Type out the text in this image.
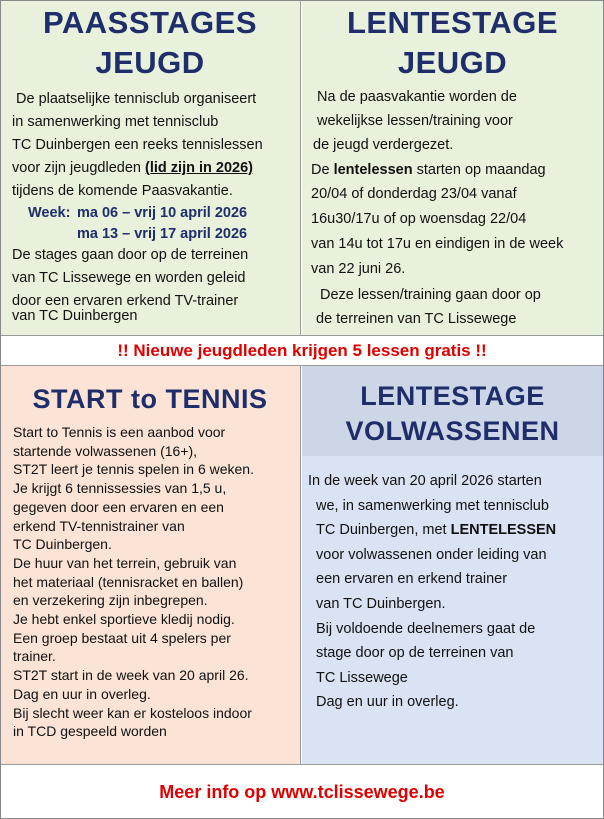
PAASSTAGES
JEUGD
De plaatselijke tennisclub organiseert
in samenwerking met tennisclub
TC Duinbergen een reeks tennislessen
voor zijn jeugdleden (lid zijn in 2026)
tijdens de komende Paasvakantie.
Week: ma 06 – vrij 10 april 2026
ma 13 – vrij 17 april 2026
De stages gaan door op de terreinen
van TC Lissewege en worden geleid
door een ervaren erkend TV-trainer
van TC Duinbergen
LENTESTAGE
JEUGD
Na de paasvakantie worden de
wekelijkse lessen/training voor
de jeugd verdergezet.
De lentelessen starten op maandag
20/04 of donderdag 23/04 vanaf
16u30/17u of op woensdag 22/04
van 14u tot 17u en eindigen in de week
van 22 juni 26.
Deze lessen/training gaan door op
de terreinen van TC Lissewege
!! Nieuwe jeugdleden krijgen 5 lessen gratis !!
START to TENNIS
Start to Tennis is een aanbod voor
startende volwassenen (16+),
ST2T leert je tennis spelen in 6 weken.
Je krijgt 6 tennissessies van 1,5 u,
gegeven door een ervaren en een
erkend TV-tennistrainer van
TC Duinbergen.
De huur van het terrein, gebruik van
het materiaal (tennisracket en ballen)
en verzekering zijn inbegrepen.
Je hebt enkel sportieve kledij nodig.
Een groep bestaat uit 4 spelers per
trainer.
ST2T start in de week van 20 april 26.
Dag en uur in overleg.
Bij slecht weer kan er kosteloos indoor
in TCD gespeeld worden
LENTESTAGE
VOLWASSENEN
In de week van 20 april 2026 starten
we, in samenwerking met tennisclub
TC Duinbergen, met LENTELESSEN
voor volwassenen onder leiding van
een ervaren en erkend trainer
van TC Duinbergen.
Bij voldoende deelnemers gaat de
stage door op de terreinen van
TC Lissewege
Dag en uur in overleg.
Meer info op www.tclissewege.be
